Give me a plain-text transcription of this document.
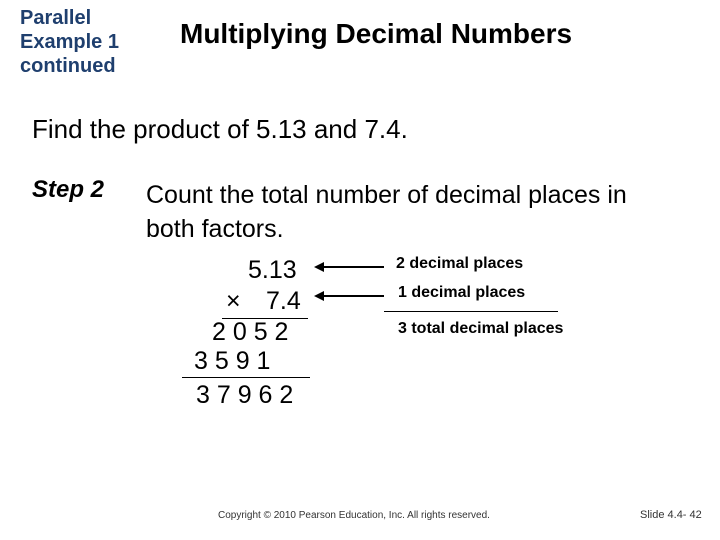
Parallel
Example 1
continued
Multiplying Decimal Numbers
Find the product of 5.13 and 7.4.
Step 2 Count the total number of decimal places in
both factors.
5.13
× 7.4
2 0 5 2
3 5 9 1
3 7 9 6 2
2 decimal places
1 decimal places
3 total decimal places
Copyright © 2010 Pearson Education, Inc. All rights reserved.	Slide 4.4- 42
